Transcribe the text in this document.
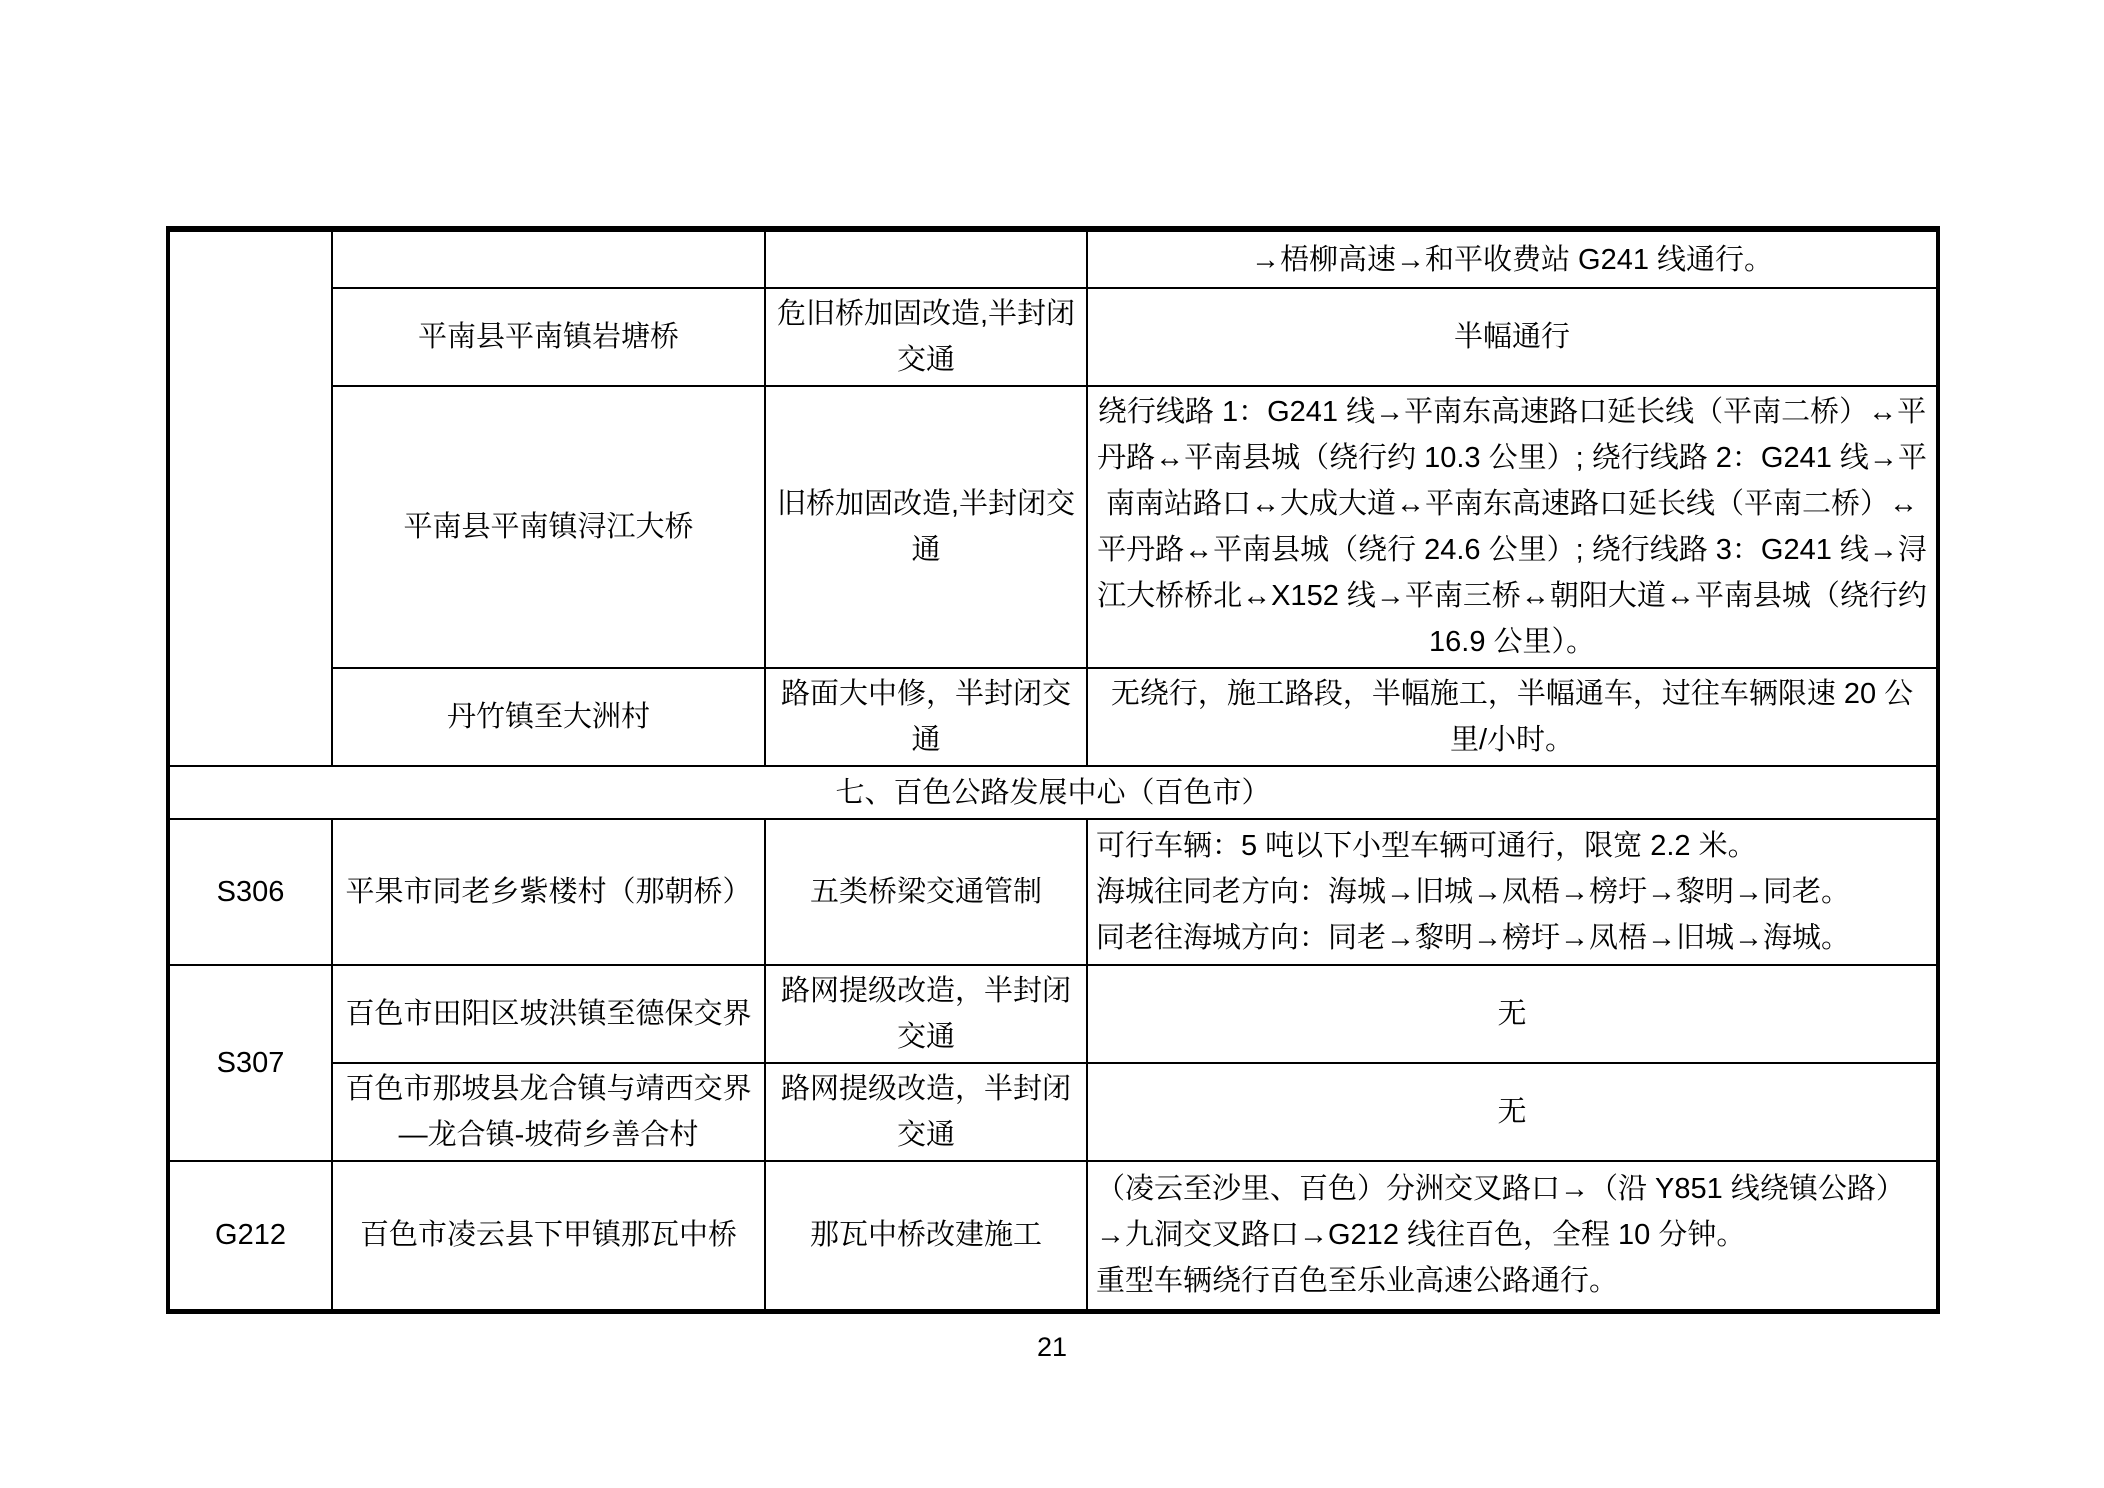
			→梧柳高速→和平收费站 G241 线通行。
	平南县平南镇岩塘桥	危旧桥加固改造,半封闭交通	半幅通行
	平南县平南镇浔江大桥	旧桥加固改造,半封闭交通	绕行线路 1：G241 线→平南东高速路口延长线（平南二桥）↔平丹路↔平南县城（绕行约 10.3 公里）; 绕行线路 2：G241 线→平南南站路口↔大成大道↔平南东高速路口延长线（平南二桥）↔平丹路↔平南县城（绕行 24.6 公里）; 绕行线路 3：G241 线→浔江大桥桥北↔X152 线→平南三桥↔朝阳大道↔平南县城（绕行约 16.9 公里）。
	丹竹镇至大洲村	路面大中修，半封闭交通	无绕行，施工路段，半幅施工，半幅通车，过往车辆限速 20 公里/小时。
七、百色公路发展中心（百色市）			
S306	平果市同老乡紫楼村（那朝桥）	五类桥梁交通管制	可行车辆：5 吨以下小型车辆可通行，限宽 2.2 米。
海城往同老方向：海城→旧城→凤梧→榜圩→黎明→同老。
同老往海城方向：同老→黎明→榜圩→凤梧→旧城→海城。

S307	百色市田阳区坡洪镇至德保交界	路网提级改造，半封闭交通	无
	百色市那坡县龙合镇与靖西交界—龙合镇-坡荷乡善合村	路网提级改造，半封闭交通	无
G212	百色市凌云县下甲镇那瓦中桥	那瓦中桥改建施工	（凌云至沙里、百色）分洲交叉路口→（沿 Y851 线绕镇公路）→九洞交叉路口→G212 线往百色，全程 10 分钟。
重型车辆绕行百色至乐业高速公路通行。
21
